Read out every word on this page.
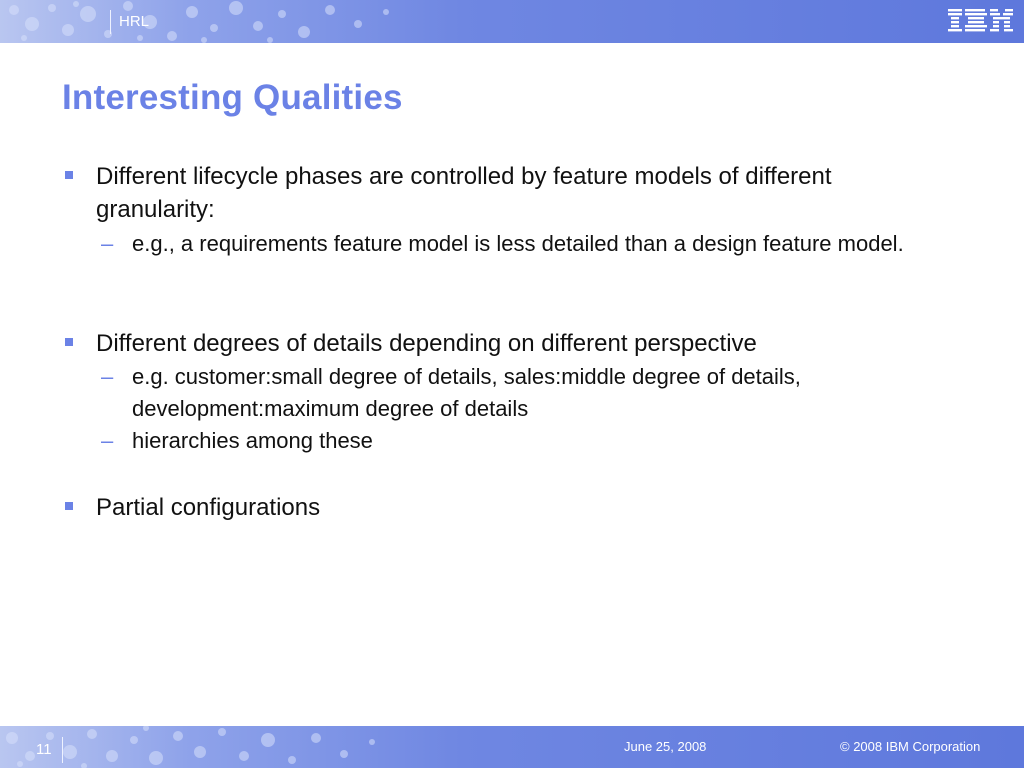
HRL
Interesting Qualities
Different lifecycle phases are controlled by feature models of different granularity:
– e.g., a requirements feature model is less detailed than a design feature model.
Different degrees of details depending on different perspective
– e.g. customer:small degree of details, sales:middle degree of details, development:maximum degree of details
– hierarchies among these
Partial configurations
11	June 25, 2008	© 2008 IBM Corporation
